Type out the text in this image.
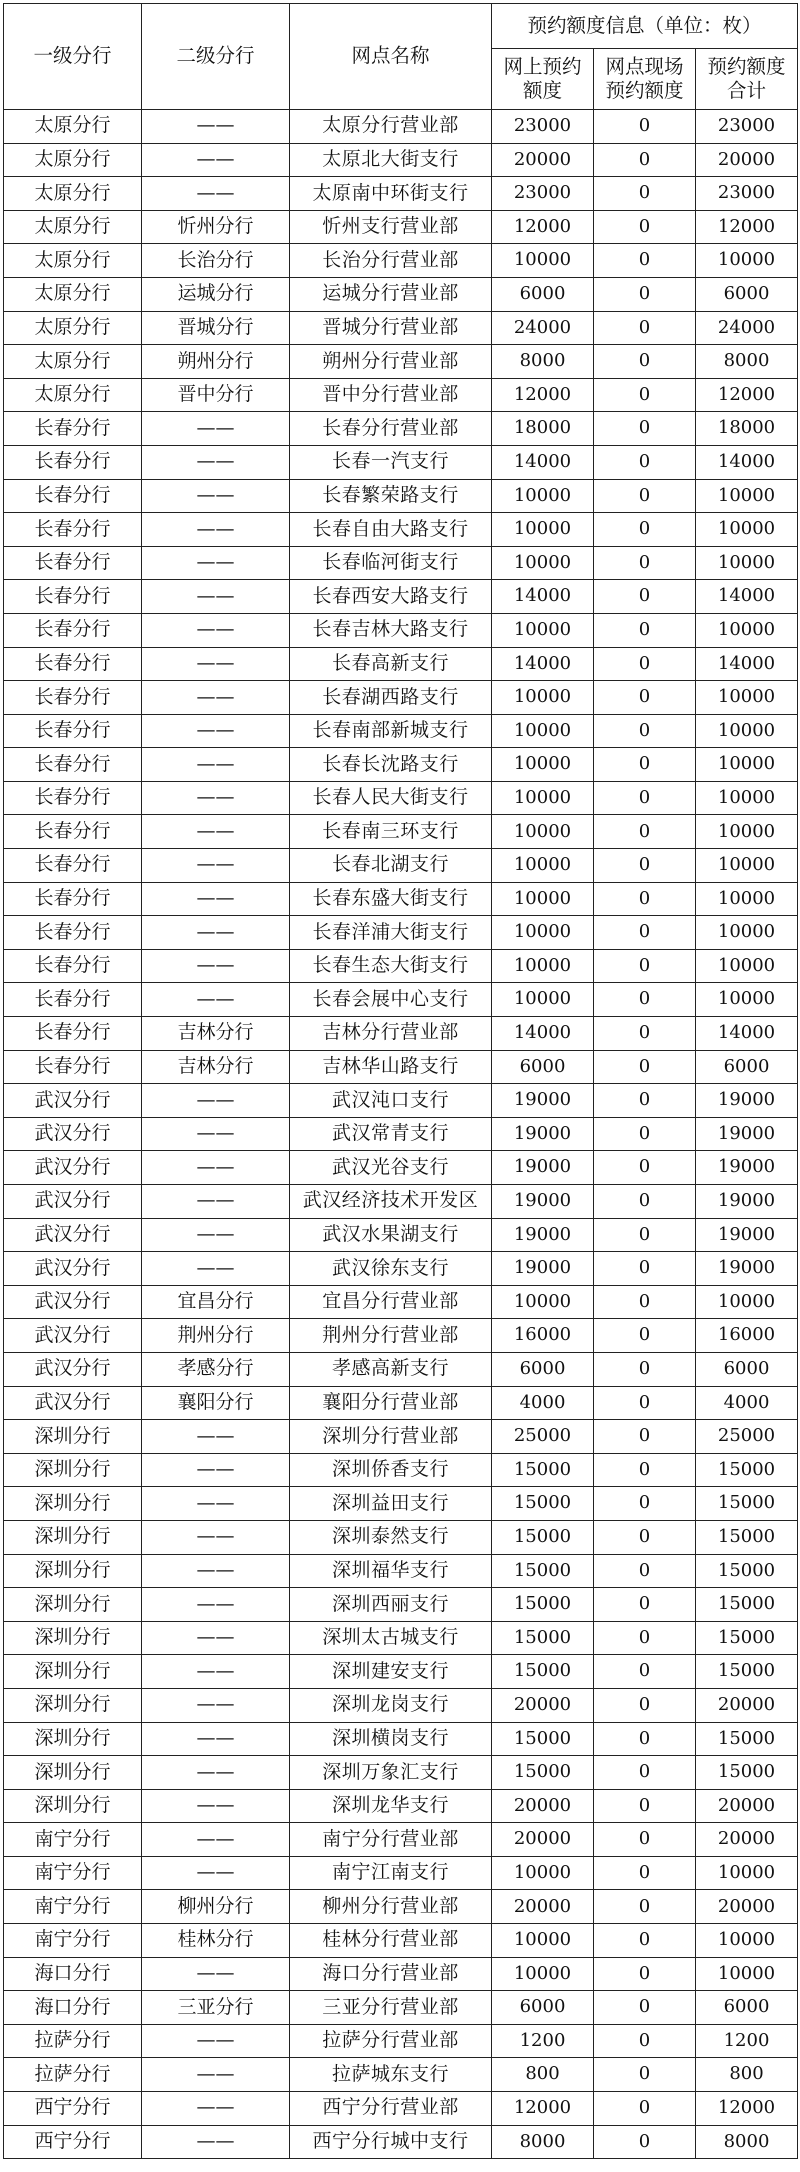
一级分行	二级分行	网点名称	预约额度信息（单位：枚）		

			网上预约额度	网点现场预约额度	预约额度合计

太原分行	——	太原分行营业部	23000	0	23000
太原分行	——	太原北大街支行	20000	0	20000
太原分行	——	太原南中环街支行	23000	0	23000
太原分行	忻州分行	忻州支行营业部	12000	0	12000
太原分行	长治分行	长治分行营业部	10000	0	10000
太原分行	运城分行	运城分行营业部	6000	0	6000
太原分行	晋城分行	晋城分行营业部	24000	0	24000
太原分行	朔州分行	朔州分行营业部	8000	0	8000
太原分行	晋中分行	晋中分行营业部	12000	0	12000
长春分行	——	长春分行营业部	18000	0	18000
长春分行	——	长春一汽支行	14000	0	14000
长春分行	——	长春繁荣路支行	10000	0	10000
长春分行	——	长春自由大路支行	10000	0	10000
长春分行	——	长春临河街支行	10000	0	10000
长春分行	——	长春西安大路支行	14000	0	14000
长春分行	——	长春吉林大路支行	10000	0	10000
长春分行	——	长春高新支行	14000	0	14000
长春分行	——	长春湖西路支行	10000	0	10000
长春分行	——	长春南部新城支行	10000	0	10000
长春分行	——	长春长沈路支行	10000	0	10000
长春分行	——	长春人民大街支行	10000	0	10000
长春分行	——	长春南三环支行	10000	0	10000
长春分行	——	长春北湖支行	10000	0	10000
长春分行	——	长春东盛大街支行	10000	0	10000
长春分行	——	长春洋浦大街支行	10000	0	10000
长春分行	——	长春生态大街支行	10000	0	10000
长春分行	——	长春会展中心支行	10000	0	10000
长春分行	吉林分行	吉林分行营业部	14000	0	14000
长春分行	吉林分行	吉林华山路支行	6000	0	6000
武汉分行	——	武汉沌口支行	19000	0	19000
武汉分行	——	武汉常青支行	19000	0	19000
武汉分行	——	武汉光谷支行	19000	0	19000
武汉分行	——	武汉经济技术开发区	19000	0	19000
武汉分行	——	武汉水果湖支行	19000	0	19000
武汉分行	——	武汉徐东支行	19000	0	19000
武汉分行	宜昌分行	宜昌分行营业部	10000	0	10000
武汉分行	荆州分行	荆州分行营业部	16000	0	16000
武汉分行	孝感分行	孝感高新支行	6000	0	6000
武汉分行	襄阳分行	襄阳分行营业部	4000	0	4000
深圳分行	——	深圳分行营业部	25000	0	25000
深圳分行	——	深圳侨香支行	15000	0	15000
深圳分行	——	深圳益田支行	15000	0	15000
深圳分行	——	深圳泰然支行	15000	0	15000
深圳分行	——	深圳福华支行	15000	0	15000
深圳分行	——	深圳西丽支行	15000	0	15000
深圳分行	——	深圳太古城支行	15000	0	15000
深圳分行	——	深圳建安支行	15000	0	15000
深圳分行	——	深圳龙岗支行	20000	0	20000
深圳分行	——	深圳横岗支行	15000	0	15000
深圳分行	——	深圳万象汇支行	15000	0	15000
深圳分行	——	深圳龙华支行	20000	0	20000
南宁分行	——	南宁分行营业部	20000	0	20000
南宁分行	——	南宁江南支行	10000	0	10000
南宁分行	柳州分行	柳州分行营业部	20000	0	20000
南宁分行	桂林分行	桂林分行营业部	10000	0	10000
海口分行	——	海口分行营业部	10000	0	10000
海口分行	三亚分行	三亚分行营业部	6000	0	6000
拉萨分行	——	拉萨分行营业部	1200	0	1200
拉萨分行	——	拉萨城东支行	800	0	800
西宁分行	——	西宁分行营业部	12000	0	12000
西宁分行	——	西宁分行城中支行	8000	0	8000
